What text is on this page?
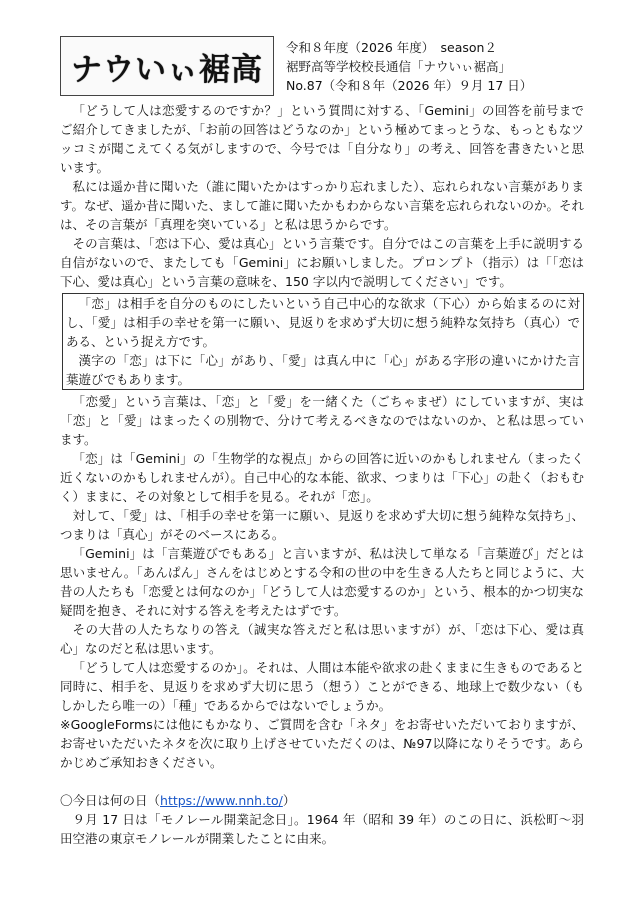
ナウいぃ裾高
令和８年度（2026 年度）　season２
裾野高等学校校長通信「ナウいぃ裾高」
No.87（令和８年（2026 年）９月 17 日）

「どうして人は恋愛するのですか？」という質問に対する、「Gemini」の回答を前号までご紹介してきましたが、「お前の回答はどうなのか」という極めてまっとうな、もっともなツッコミが聞こえてくる気がしますので、今号では「自分なり」の考え、回答を書きたいと思います。

私には遥か昔に聞いた（誰に聞いたかはすっかり忘れました）、忘れられない言葉があります。なぜ、遥か昔に聞いた、まして誰に聞いたかもわからない言葉を忘れられないのか。それは、その言葉が「真理を突いている」と私は思うからです。

その言葉は、「恋は下心、愛は真心」という言葉です。自分ではこの言葉を上手に説明する自信がないので、またしても「Gemini」にお願いしました。プロンプト（指示）は「「恋は下心、愛は真心」という言葉の意味を、150 字以内で説明してください」です。

「恋」は相手を自分のものにしたいという自己中心的な欲求（下心）から始まるのに対し、「愛」は相手の幸せを第一に願い、見返りを求めず大切に想う純粋な気持ち（真心）である、という捉え方です。

漢字の「恋」は下に「心」があり、「愛」は真ん中に「心」がある字形の違いにかけた言葉遊びでもあります。

「恋愛」という言葉は、「恋」と「愛」を一緒くた（ごちゃまぜ）にしていますが、実は「恋」と「愛」はまったくの別物で、分けて考えるべきなのではないのか、と私は思っています。

「恋」は「Gemini」の「生物学的な視点」からの回答に近いのかもしれません（まったく近くないのかもしれませんが）。自己中心的な本能、欲求、つまりは「下心」の赴く（おもむく）ままに、その対象として相手を見る。それが「恋」。

対して、「愛」は、「相手の幸せを第一に願い、見返りを求めず大切に想う純粋な気持ち」、つまりは「真心」がそのベースにある。

「Gemini」は「言葉遊びでもある」と言いますが、私は決して単なる「言葉遊び」だとは思いません。「あんぱん」さんをはじめとする令和の世の中を生きる人たちと同じように、大昔の人たちも「恋愛とは何なのか」「どうして人は恋愛するのか」という、根本的かつ切実な疑問を抱き、それに対する答えを考えたはずです。

その大昔の人たちなりの答え（誠実な答えだと私は思いますが）が、「恋は下心、愛は真心」なのだと私は思います。

「どうして人は恋愛するのか」。それは、人間は本能や欲求の赴くままに生きものであると同時に、相手を、見返りを求めず大切に思う（想う）ことができる、地球上で数少ない（もしかしたら唯一の）「種」であるからではないでしょうか。

※GoogleFormsには他にもかなり、ご質問を含む「ネタ」をお寄せいただいておりますが、お寄せいただいたネタを次に取り上げさせていただくのは、№97以降になりそうです。あらかじめご承知おきください。

〇今日は何の日（https://www.nnh.to/）

９月 17 日は「モノレール開業記念日」。1964 年（昭和 39 年）のこの日に、浜松町～羽田空港の東京モノレールが開業したことに由来。
